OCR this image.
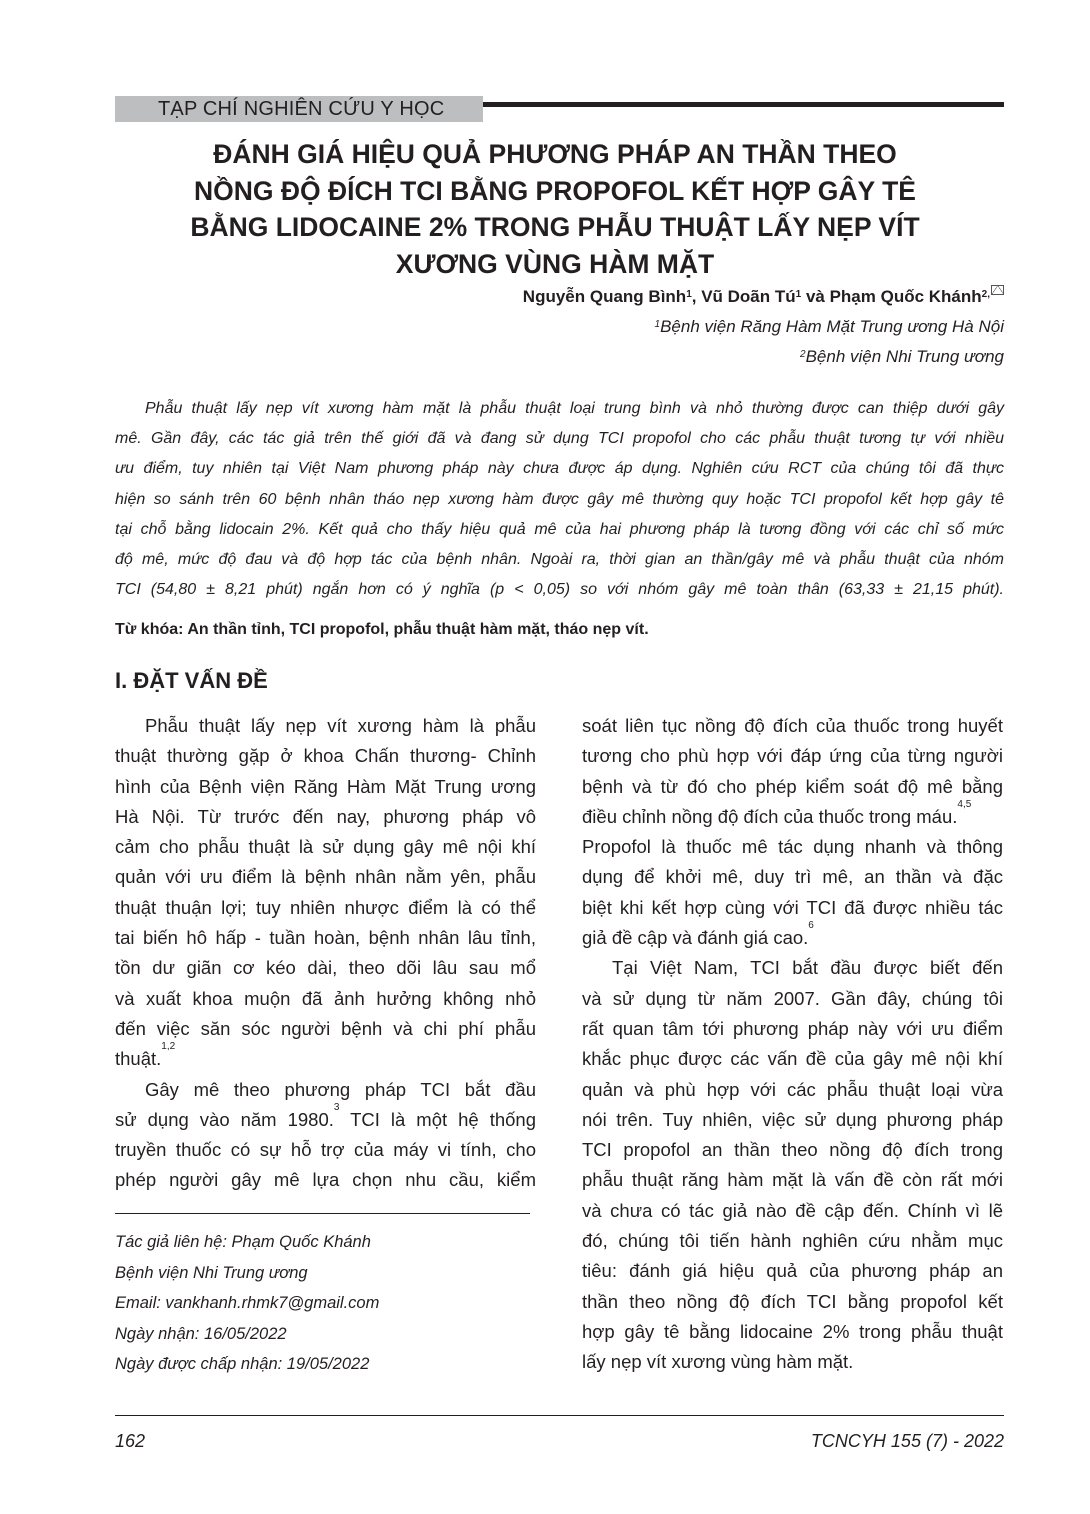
TẠP CHÍ NGHIÊN CỨU Y HỌC
ĐÁNH GIÁ HIỆU QUẢ PHƯƠNG PHÁP AN THẦN THEO
NỒNG ĐỘ ĐÍCH TCI BẰNG PROPOFOL KẾT HỢP GÂY TÊ
BẰNG LIDOCAINE 2% TRONG PHẪU THUẬT LẤY NẸP VÍT
XƯƠNG VÙNG HÀM MẶT
Nguyễn Quang Bình$^1$, Vũ Doãn $Tú^1$ và Phạm Quốc Khánh$^{2,}$
$^1$Bệnh viện Răng Hàm Mặt Trung ương Hà Nội
$^2$Bệnh viện Nhi Trung ương
Phẫu thuật lấy nẹp vít xương hàm mặt là phẫu thuật loại trung bình và nhỏ thường được can thiệp dưới gây
mê. Gần đây, các tác giả trên thế giới đã và đang sử dụng TCI propofol cho các phẫu thuật tương tự với nhiều
ưu điểm, tuy nhiên tại Việt Nam phương pháp này chưa được áp dụng. Nghiên cứu RCT của chúng tôi đã thực
hiện so sánh trên 60 bệnh nhân tháo nẹp xương hàm được gây mê thường quy hoặc TCI propofol kết hợp gây tê
tại chỗ bằng lidocain 2%. Kết quả cho thấy hiệu quả mê của hai phương pháp là tương đồng với các chỉ số mức
độ mê, mức độ đau và độ hợp tác của bệnh nhân. Ngoài ra, thời gian an thần/gây mê và phẫu thuật của nhóm
TCI (54,80 ± 8,21 phút) ngắn hơn có ý nghĩa (p < 0,05) so với nhóm gây mê toàn thân (63,33 ± 21,15 phút).
Từ khóa: An thần tỉnh, TCI propofol, phẫu thuật hàm mặt, tháo nẹp vít.
I. ĐẶT VẤN ĐỀ
Phẫu thuật lấy nẹp vít xương hàm là phẫu
thuật thường gặp ở khoa Chấn thương- Chỉnh
hình của Bệnh viện Răng Hàm Mặt Trung ương
Hà Nội. Từ trước đến nay, phương pháp vô
cảm cho phẫu thuật là sử dụng gây mê nội khí
quản với ưu điểm là bệnh nhân nằm yên, phẫu
thuật thuận lợi; tuy nhiên nhược điểm là có thể
tai biến hô hấp - tuần hoàn, bệnh nhân lâu tỉnh,
tồn dư giãn cơ kéo dài, theo dõi lâu sau mổ
và xuất khoa muộn đã ảnh hưởng không nhỏ
đến việc săn sóc người bệnh và chi phí phẫu
thuật.$^{1,2}$
Gây mê theo phương pháp TCI bắt đầu
sử dụng vào năm 1980.$^3$ TCI là một hệ thống
truyền thuốc có sự hỗ trợ của máy vi tính, cho
phép người gây mê lựa chọn nhu cầu, kiểm
soát liên tục nồng độ đích của thuốc trong huyết
tương cho phù hợp với đáp ứng của từng người
bệnh và từ đó cho phép kiểm soát độ mê bằng
điều chỉnh nồng độ đích của thuốc trong máu.$^{4,5}$
Propofol là thuốc mê tác dụng nhanh và thông
dụng để khởi mê, duy trì mê, an thần và đặc
biệt khi kết hợp cùng với TCI đã được nhiều tác
giả đề cập và đánh giá cao.$^6$
Tại Việt Nam, TCI bắt đầu được biết đến
và sử dụng từ năm 2007. Gần đây, chúng tôi
rất quan tâm tới phương pháp này với ưu điểm
khắc phục được các vấn đề của gây mê nội khí
quản và phù hợp với các phẫu thuật loại vừa
nói trên. Tuy nhiên, việc sử dụng phương pháp
TCI propofol an thần theo nồng độ đích trong
phẫu thuật răng hàm mặt là vấn đề còn rất mới
và chưa có tác giả nào đề cập đến. Chính vì lẽ
đó, chúng tôi tiến hành nghiên cứu nhằm mục
tiêu: đánh giá hiệu quả của phương pháp an
thần theo nồng độ đích TCI bằng propofol kết
hợp gây tê bằng lidocaine 2% trong phẫu thuật
lấy nẹp vít xương vùng hàm mặt.
Tác giả liên hệ: Phạm Quốc Khánh
Bệnh viện Nhi Trung ương
Email: vankhanh.rhmk7@gmail.com
Ngày nhận: 16/05/2022
Ngày được chấp nhận: 19/05/2022
162	TCNCYH 155 (7) - 2022
